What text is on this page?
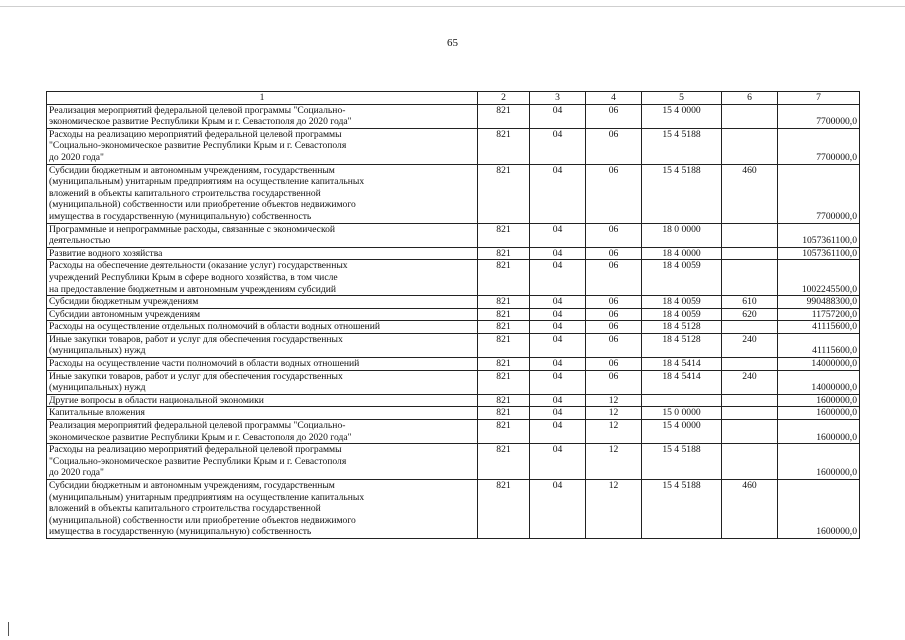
65
1	2	3	4	5	6	7
Реализация мероприятий федеральной целевой программы "Социально-
экономическое развитие Республики Крым и г. Севастополя до 2020 года"	821	04	06	15 4 0000		7700000,0
Расходы на реализацию мероприятий федеральной целевой программы
"Социально-экономическое развитие Республики Крым и г. Севастополя
до 2020 года"	821	04	06	15 4 5188		7700000,0
Субсидии бюджетным и автономным учреждениям, государственным
(муниципальным) унитарным предприятиям на осуществление капитальных
вложений в объекты капитального строительства государственной
(муниципальной) собственности или приобретение объектов недвижимого
имущества в государственную (муниципальную) собственность	821	04	06	15 4 5188	460	7700000,0
Программные и непрограммные расходы, связанные с экономической
деятельностью	821	04	06	18 0 0000		1057361100,0
Развитие водного хозяйства	821	04	06	18 4 0000		1057361100,0
Расходы на обеспечение деятельности (оказание услуг) государственных
учреждений Республики Крым в сфере водного хозяйства, в том числе
на предоставление бюджетным и автономным учреждениям субсидий	821	04	06	18 4 0059		1002245500,0
Субсидии бюджетным учреждениям	821	04	06	18 4 0059	610	990488300,0
Субсидии автономным учреждениям	821	04	06	18 4 0059	620	11757200,0
Расходы на осуществление отдельных полномочий в области водных отношений	821	04	06	18 4 5128		41115600,0
Иные закупки товаров, работ и услуг для обеспечения государственных
(муниципальных) нужд	821	04	06	18 4 5128	240	41115600,0
Расходы на осуществление части полномочий в области водных отношений	821	04	06	18 4 5414		14000000,0
Иные закупки товаров, работ и услуг для обеспечения государственных
(муниципальных) нужд	821	04	06	18 4 5414	240	14000000,0
Другие вопросы в области национальной экономики	821	04	12			1600000,0
Капитальные вложения	821	04	12	15 0 0000		1600000,0
Реализация мероприятий федеральной целевой программы "Социально-
экономическое развитие Республики Крым и г. Севастополя до 2020 года"	821	04	12	15 4 0000		1600000,0
Расходы на реализацию мероприятий федеральной целевой программы
"Социально-экономическое развитие Республики Крым и г. Севастополя
до 2020 года"	821	04	12	15 4 5188		1600000,0
Субсидии бюджетным и автономным учреждениям, государственным
(муниципальным) унитарным предприятиям на осуществление капитальных
вложений в объекты капитального строительства государственной
(муниципальной) собственности или приобретение объектов недвижимого
имущества в государственную (муниципальную) собственность	821	04	12	15 4 5188	460	1600000,0
